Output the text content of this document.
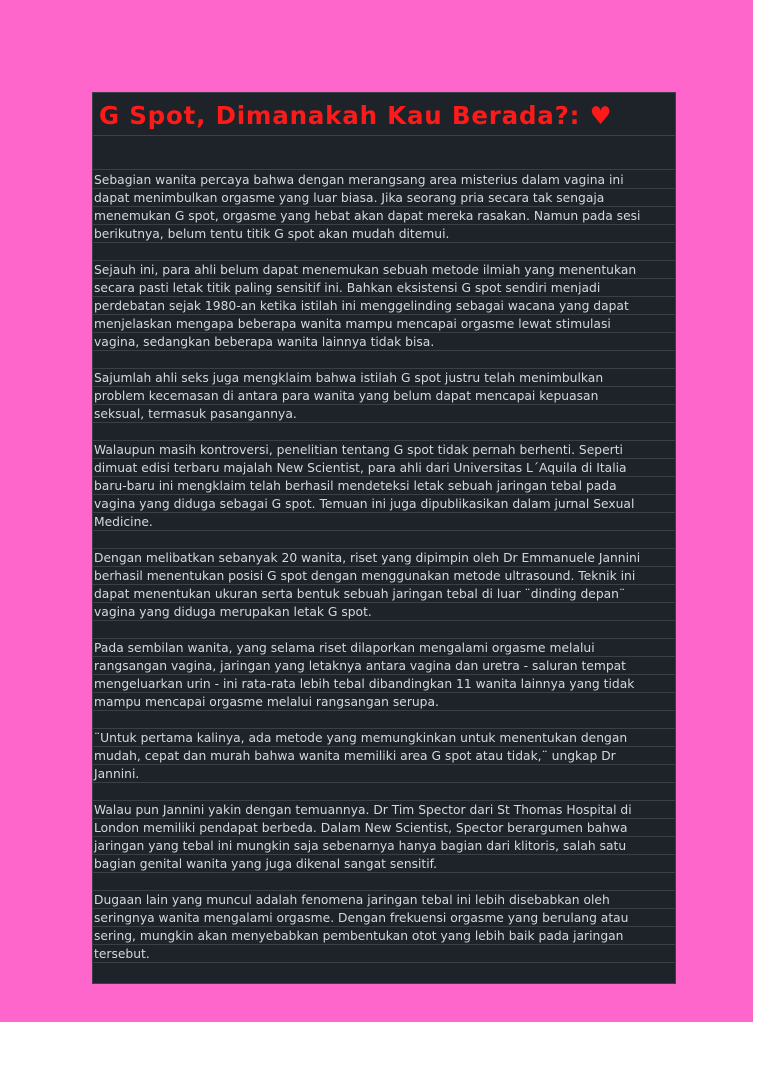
G Spot, Dimanakah Kau Berada?: ♥
Sebagian wanita percaya bahwa dengan merangsang area misterius dalam vagina ini
dapat menimbulkan orgasme yang luar biasa. Jika seorang pria secara tak sengaja
menemukan G spot, orgasme yang hebat akan dapat mereka rasakan. Namun pada sesi
berikutnya, belum tentu titik G spot akan mudah ditemui.
Sejauh ini, para ahli belum dapat menemukan sebuah metode ilmiah yang menentukan
secara pasti letak titik paling sensitif ini. Bahkan eksistensi G spot sendiri menjadi
perdebatan sejak 1980-an ketika istilah ini menggelinding sebagai wacana yang dapat
menjelaskan mengapa beberapa wanita mampu mencapai orgasme lewat stimulasi
vagina, sedangkan beberapa wanita lainnya tidak bisa.
Sajumlah ahli seks juga mengklaim bahwa istilah G spot justru telah menimbulkan
problem kecemasan di antara para wanita yang belum dapat mencapai kepuasan
seksual, termasuk pasangannya.
Walaupun masih kontroversi, penelitian tentang G spot tidak pernah berhenti. Seperti
dimuat edisi terbaru majalah New Scientist, para ahli dari Universitas L´Aquila di Italia
baru-baru ini mengklaim telah berhasil mendeteksi letak sebuah jaringan tebal pada
vagina yang diduga sebagai G spot. Temuan ini juga dipublikasikan dalam jurnal Sexual
Medicine.
Dengan melibatkan sebanyak 20 wanita, riset yang dipimpin oleh Dr Emmanuele Jannini
berhasil menentukan posisi G spot dengan menggunakan metode ultrasound. Teknik ini
dapat menentukan ukuran serta bentuk sebuah jaringan tebal di luar ¨dinding depan¨
vagina yang diduga merupakan letak G spot.
Pada sembilan wanita, yang selama riset dilaporkan mengalami orgasme melalui
rangsangan vagina, jaringan yang letaknya antara vagina dan uretra - saluran tempat
mengeluarkan urin - ini rata-rata lebih tebal dibandingkan 11 wanita lainnya yang tidak
mampu mencapai orgasme melalui rangsangan serupa.
¨Untuk pertama kalinya, ada metode yang memungkinkan untuk menentukan dengan
mudah, cepat dan murah bahwa wanita memiliki area G spot atau tidak,¨ ungkap Dr
Jannini.
Walau pun Jannini yakin dengan temuannya. Dr Tim Spector dari St Thomas Hospital di
London memiliki pendapat berbeda. Dalam New Scientist, Spector berargumen bahwa
jaringan yang tebal ini mungkin saja sebenarnya hanya bagian dari klitoris, salah satu
bagian genital wanita yang juga dikenal sangat sensitif.
Dugaan lain yang muncul adalah fenomena jaringan tebal ini lebih disebabkan oleh
seringnya wanita mengalami orgasme. Dengan frekuensi orgasme yang berulang atau
sering, mungkin akan menyebabkan pembentukan otot yang lebih baik pada jaringan
tersebut.
